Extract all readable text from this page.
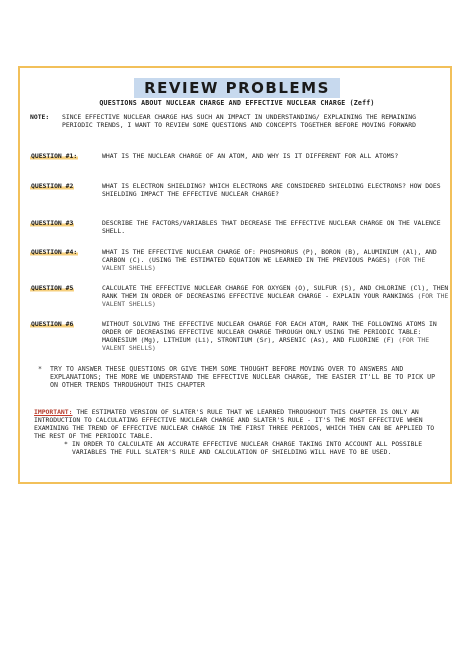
REVIEW PROBLEMS
QUESTIONS ABOUT NUCLEAR CHARGE AND EFFECTIVE NUCLEAR CHARGE (Zeff)
NOTE: SINCE EFFECTIVE NUCLEAR CHARGE HAS SUCH AN IMPACT IN UNDERSTANDING/ EXPLAINING THE REMAINING PERIODIC TRENDS, I WANT TO REVIEW SOME QUESTIONS AND CONCEPTS TOGETHER BEFORE MOVING FORWARD
QUESTION #1:	WHAT IS THE NUCLEAR CHARGE OF AN ATOM, AND WHY IS IT DIFFERENT FOR ALL ATOMS?
QUESTION #2	WHAT IS ELECTRON SHIELDING? WHICH ELECTRONS ARE CONSIDERED SHIELDING ELECTRONS? HOW DOES SHIELDING IMPACT THE EFFECTIVE NUCLEAR CHARGE?
QUESTION #3	DESCRIBE THE FACTORS/VARIABLES THAT DECREASE THE EFFECTIVE NUCLEAR CHARGE ON THE VALENCE SHELL.
QUESTION #4:	WHAT IS THE EFFECTIVE NUCLEAR CHARGE OF: PHOSPHORUS (P), BORON (B), ALUMINIUM (Al), AND CARBON (C). (USING THE ESTIMATED EQUATION WE LEARNED IN THE PREVIOUS PAGES) (FOR THE VALENT SHELLS)
QUESTION #5	CALCULATE THE EFFECTIVE NUCLEAR CHARGE FOR OXYGEN (O), SULFUR (S), AND CHLORINE (Cl), THEN RANK THEM IN ORDER OF DECREASING EFFECTIVE NUCLEAR CHARGE - EXPLAIN YOUR RANKINGS (FOR THE VALENT SHELLS)
QUESTION #6	WITHOUT SOLVING THE EFFECTIVE NUCLEAR CHARGE FOR EACH ATOM, RANK THE FOLLOWING ATOMS IN ORDER OF DECREASING EFFECTIVE NUCLEAR CHARGE THROUGH ONLY USING THE PERIODIC TABLE: MAGNESIUM (Mg), LITHIUM (Li), STRONTIUM (Sr), ARSENIC (As), AND FLUORINE (F) (FOR THE VALENT SHELLS)
* TRY TO ANSWER THESE QUESTIONS OR GIVE THEM SOME THOUGHT BEFORE MOVING OVER TO ANSWERS AND EXPLANATIONS; THE MORE WE UNDERSTAND THE EFFECTIVE NUCLEAR CHARGE, THE EASIER IT'LL BE TO PICK UP ON OTHER TRENDS THROUGHOUT THIS CHAPTER
IMPORTANT: THE ESTIMATED VERSION OF SLATER'S RULE THAT WE LEARNED THROUGHOUT THIS CHAPTER IS ONLY AN INTRODUCTION TO CALCULATING EFFECTIVE NUCLEAR CHARGE AND SLATER'S RULE - IT'S THE MOST EFFECTIVE WHEN EXAMINING THE TREND OF EFFECTIVE NUCLEAR CHARGE IN THE FIRST THREE PERIODS, WHICH THEN CAN BE APPLIED TO THE REST OF THE PERIODIC TABLE.
* IN ORDER TO CALCULATE AN ACCURATE EFFECTIVE NUCLEAR CHARGE TAKING INTO ACCOUNT ALL POSSIBLE VARIABLES THE FULL SLATER'S RULE AND CALCULATION OF SHIELDING WILL HAVE TO BE USED.
